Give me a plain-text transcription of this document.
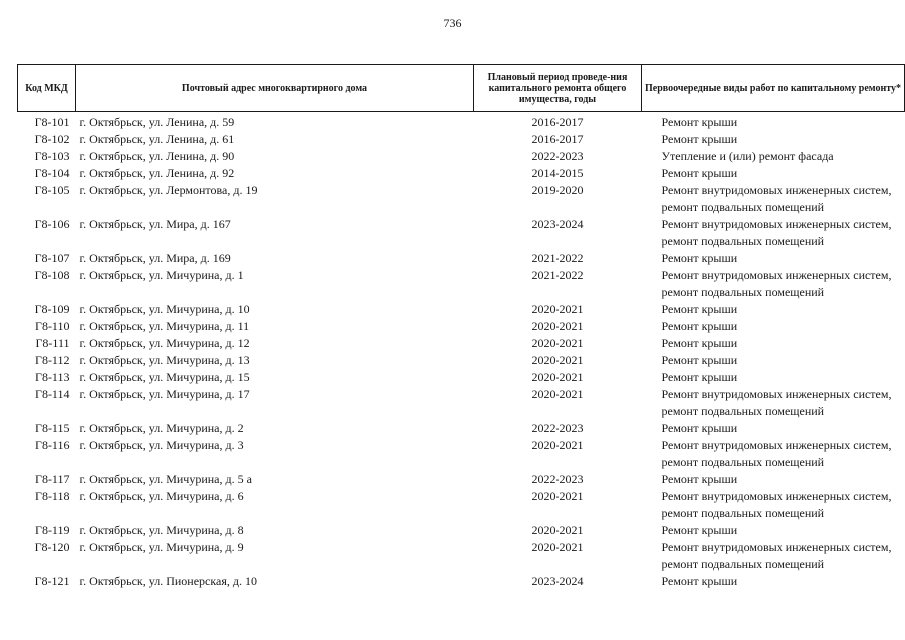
736
Код МКД	Почтовый адрес многоквартирного дома	Плановый период проведе-ния капитального ремонта общего имущества, годы	Первоочередные виды работ по капитальному ремонту*
Г8-101	г. Октябрьск, ул. Ленина, д. 59	2016-2017	Ремонт крыши

Г8-102	г. Октябрьск, ул. Ленина, д. 61	2016-2017	Ремонт крыши

Г8-103	г. Октябрьск, ул. Ленина, д. 90	2022-2023	Утепление и (или) ремонт фасада

Г8-104	г. Октябрьск, ул. Ленина, д. 92	2014-2015	Ремонт крыши

Г8-105	г. Октябрьск, ул. Лермонтова, д. 19	2019-2020	Ремонт внутридомовых инженерных систем,
ремонт подвальных помещений

Г8-106	г. Октябрьск, ул. Мира, д. 167	2023-2024	Ремонт внутридомовых инженерных систем,
ремонт подвальных помещений

Г8-107	г. Октябрьск, ул. Мира, д. 169	2021-2022	Ремонт крыши

Г8-108	г. Октябрьск, ул. Мичурина, д. 1	2021-2022	Ремонт внутридомовых инженерных систем,
ремонт подвальных помещений

Г8-109	г. Октябрьск, ул. Мичурина, д. 10	2020-2021	Ремонт крыши

Г8-110	г. Октябрьск, ул. Мичурина, д. 11	2020-2021	Ремонт крыши

Г8-111	г. Октябрьск, ул. Мичурина, д. 12	2020-2021	Ремонт крыши

Г8-112	г. Октябрьск, ул. Мичурина, д. 13	2020-2021	Ремонт крыши

Г8-113	г. Октябрьск, ул. Мичурина, д. 15	2020-2021	Ремонт крыши

Г8-114	г. Октябрьск, ул. Мичурина, д. 17	2020-2021	Ремонт внутридомовых инженерных систем,
ремонт подвальных помещений

Г8-115	г. Октябрьск, ул. Мичурина, д. 2	2022-2023	Ремонт крыши

Г8-116	г. Октябрьск, ул. Мичурина, д. 3	2020-2021	Ремонт внутридомовых инженерных систем,
ремонт подвальных помещений

Г8-117	г. Октябрьск, ул. Мичурина, д. 5 а	2022-2023	Ремонт крыши

Г8-118	г. Октябрьск, ул. Мичурина, д. 6	2020-2021	Ремонт внутридомовых инженерных систем,
ремонт подвальных помещений

Г8-119	г. Октябрьск, ул. Мичурина, д. 8	2020-2021	Ремонт крыши

Г8-120	г. Октябрьск, ул. Мичурина, д. 9	2020-2021	Ремонт внутридомовых инженерных систем,
ремонт подвальных помещений

Г8-121	г. Октябрьск, ул. Пионерская, д. 10	2023-2024	Ремонт крыши
